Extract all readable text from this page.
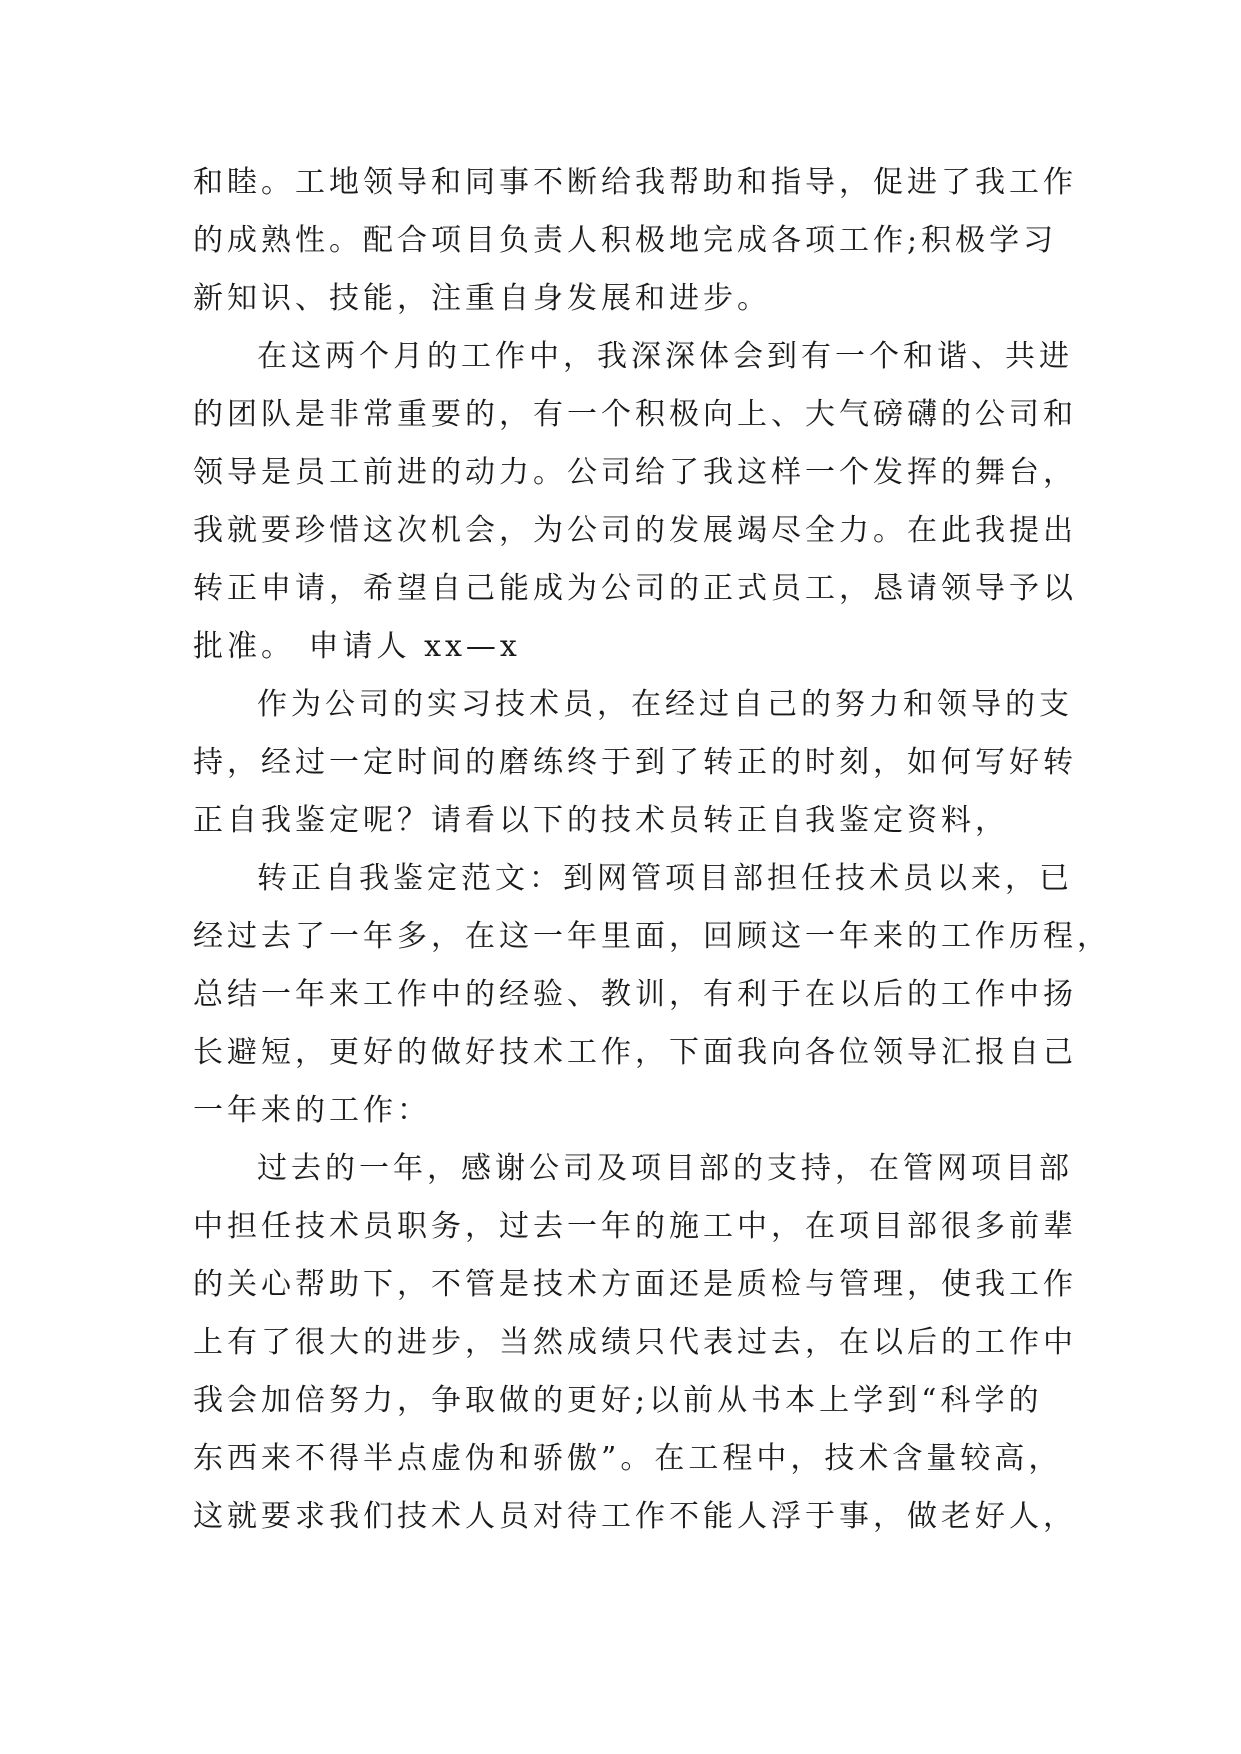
和睦。工地领导和同事不断给我帮助和指导，促进了我工作
的成熟性。配合项目负责人积极地完成各项工作;积极学习
新知识、技能，注重自身发展和进步。
在这两个月的工作中，我深深体会到有一个和谐、共进
的团队是非常重要的，有一个积极向上、大气磅礴的公司和
领导是员工前进的动力。公司给了我这样一个发挥的舞台，
我就要珍惜这次机会，为公司的发展竭尽全力。在此我提出
转正申请，希望自己能成为公司的正式员工，恳请领导予以
批准。 申请人 xx—x
作为公司的实习技术员，在经过自己的努力和领导的支
持，经过一定时间的磨练终于到了转正的时刻，如何写好转
正自我鉴定呢？请看以下的技术员转正自我鉴定资料，
转正自我鉴定范文：到网管项目部担任技术员以来，已
经过去了一年多，在这一年里面，回顾这一年来的工作历程，
总结一年来工作中的经验、教训，有利于在以后的工作中扬
长避短，更好的做好技术工作，下面我向各位领导汇报自己
一年来的工作：
过去的一年，感谢公司及项目部的支持，在管网项目部
中担任技术员职务，过去一年的施工中，在项目部很多前辈
的关心帮助下，不管是技术方面还是质检与管理，使我工作
上有了很大的进步，当然成绩只代表过去，在以后的工作中
我会加倍努力，争取做的更好;以前从书本上学到“科学的
东西来不得半点虚伪和骄傲”。在工程中，技术含量较高，
这就要求我们技术人员对待工作不能人浮于事，做老好人，
